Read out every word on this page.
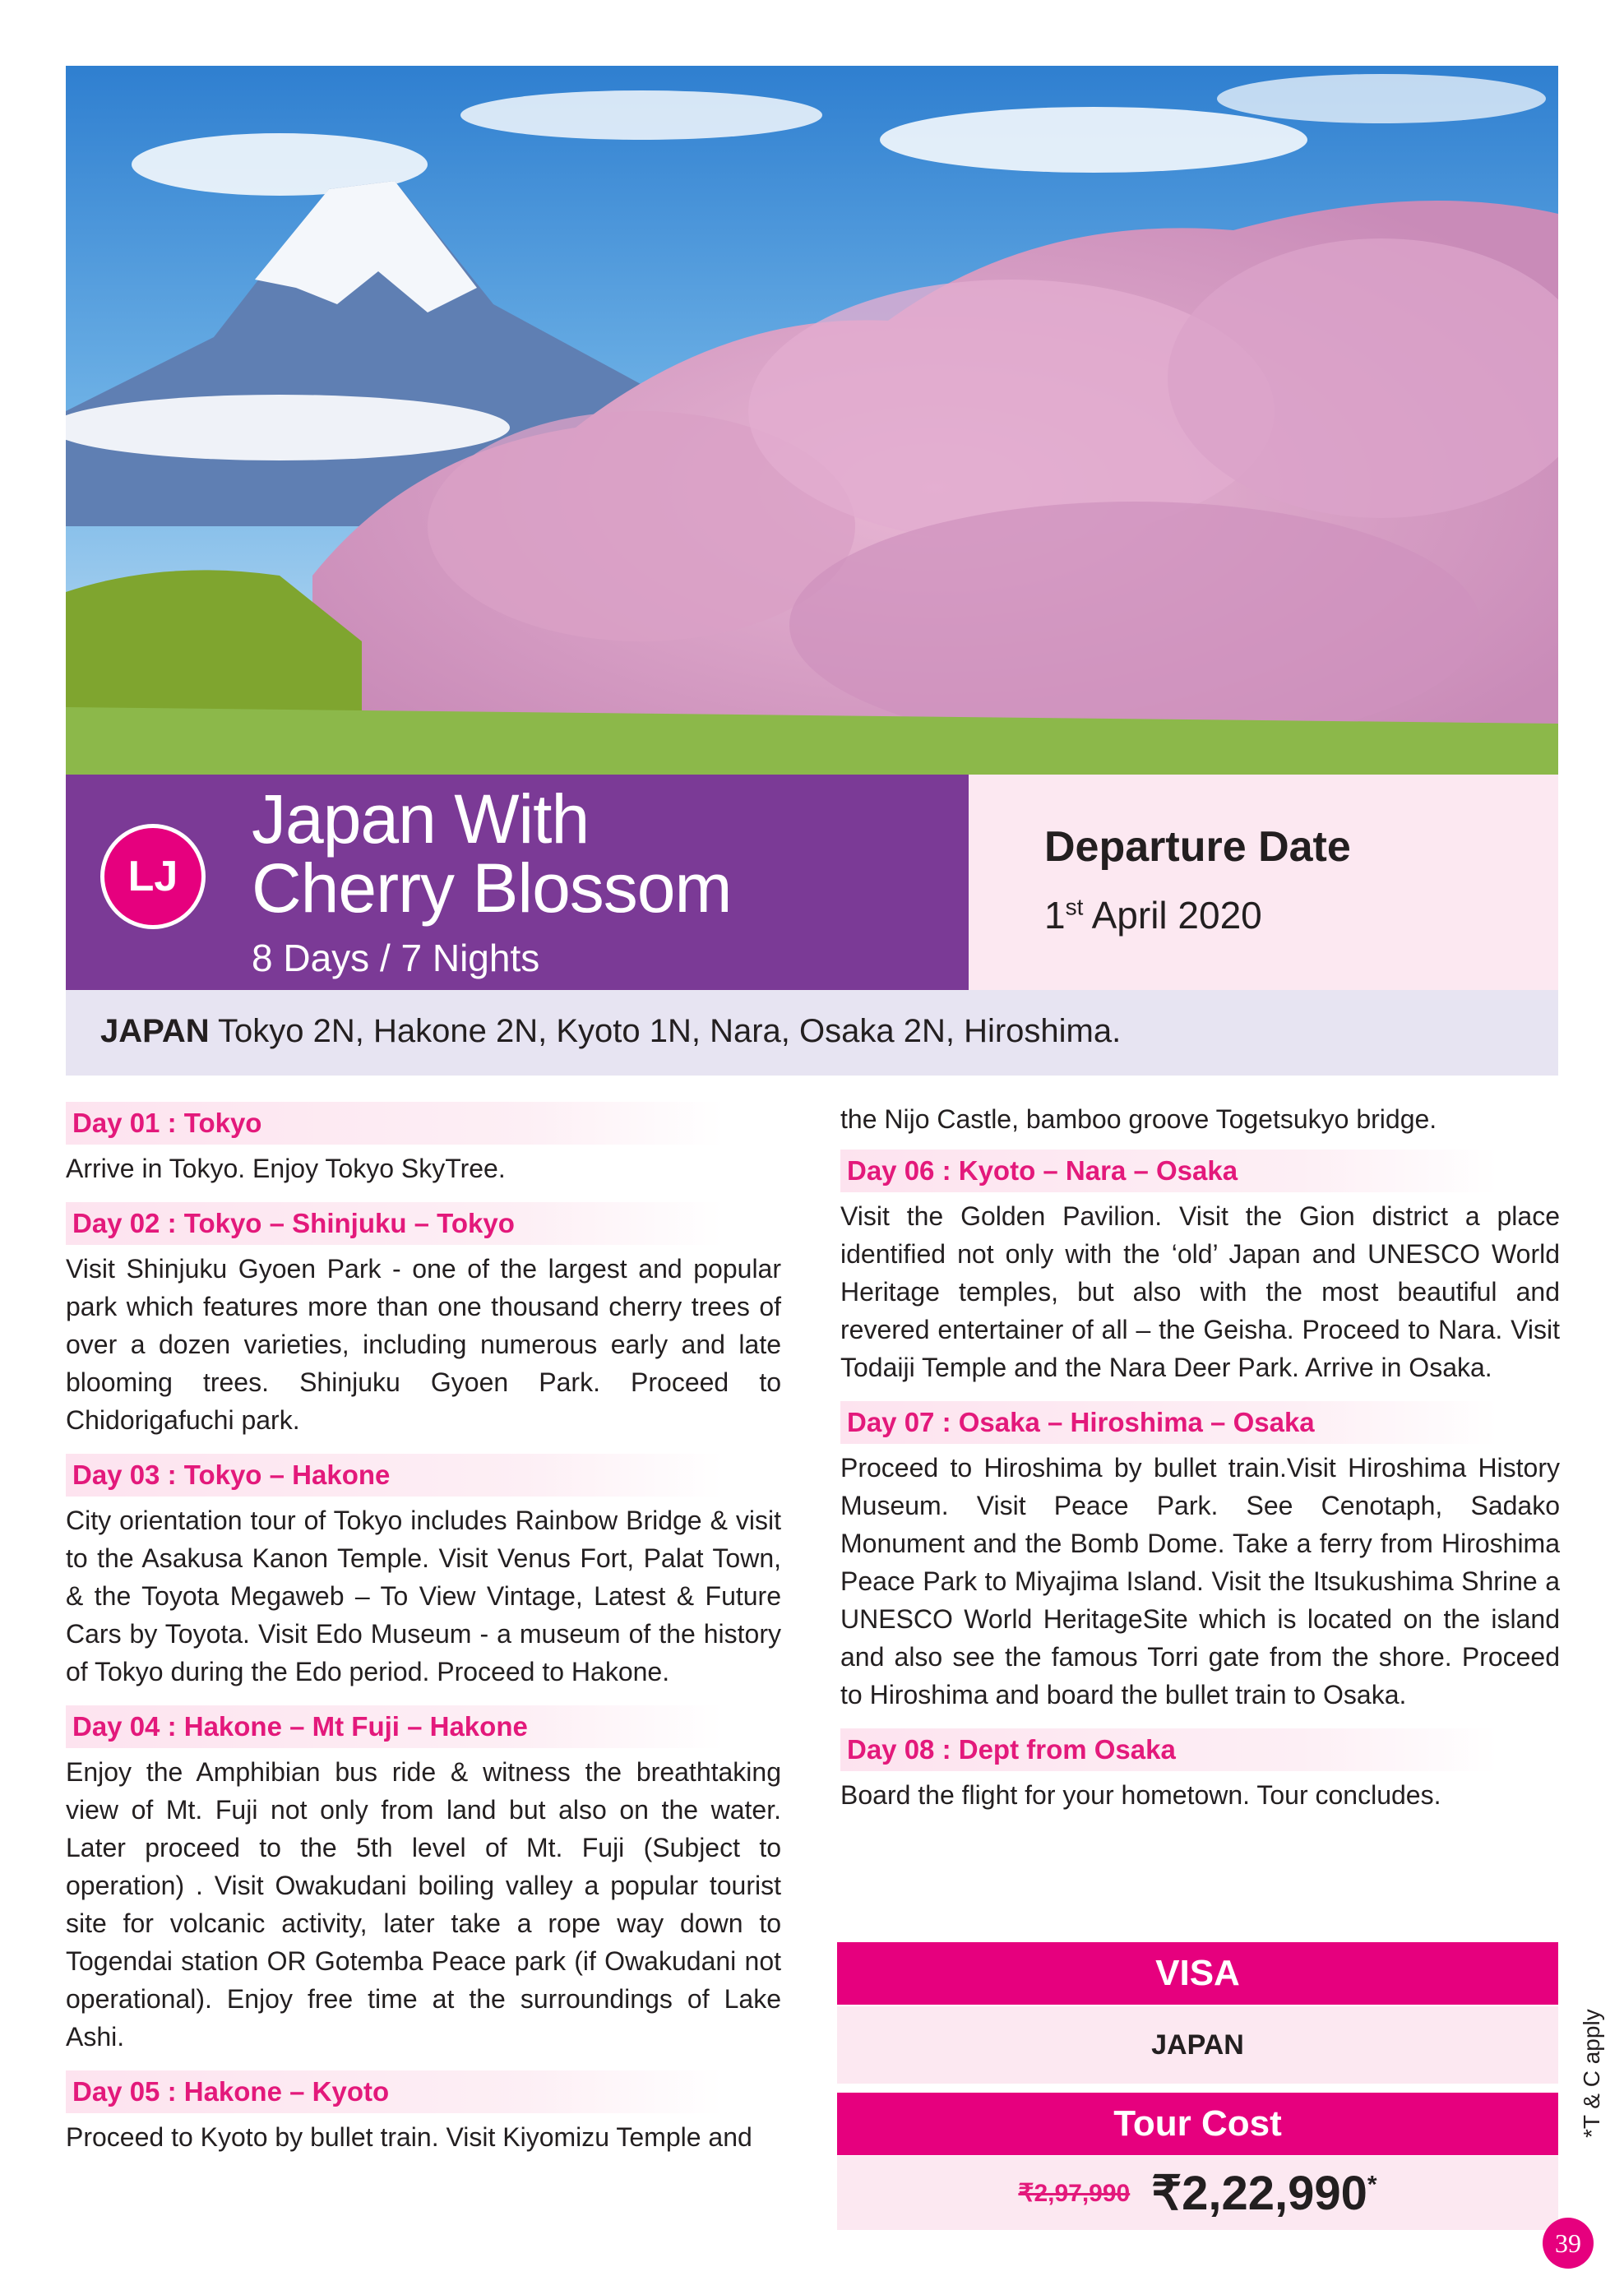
LJ
Japan With
Cherry Blossom
8 Days / 7 Nights
Departure Date
1st April 2020
JAPAN Tokyo 2N, Hakone 2N, Kyoto 1N, Nara, Osaka 2N, Hiroshima.
Day 01 : Tokyo

Arrive in Tokyo. Enjoy Tokyo SkyTree.

Day 02 : Tokyo – Shinjuku – Tokyo

Visit Shinjuku Gyoen Park - one of the largest and popular park which features more than one thousand cherry trees of over a dozen varieties, including numerous early and late blooming trees. Shinjuku Gyoen Park. Proceed to Chidorigafuchi park.

Day 03 : Tokyo – Hakone

City orientation tour of Tokyo includes Rainbow Bridge & visit to the Asakusa Kanon Temple. Visit Venus Fort, Palat Town, & the Toyota Megaweb – To View Vintage, Latest & Future Cars by Toyota. Visit Edo Museum - a museum of the history of Tokyo during the Edo period. Proceed to Hakone.

Day 04 : Hakone – Mt Fuji – Hakone

Enjoy the Amphibian bus ride & witness the breathtaking view of Mt. Fuji not only from land but also on the water. Later proceed to the 5th level of Mt. Fuji (Subject to operation) . Visit Owakudani boiling valley a popular tourist site for volcanic activity, later take a rope way down to Togendai station OR Gotemba Peace park (if Owakudani not operational). Enjoy free time at the surroundings of Lake Ashi.

Day 05 : Hakone – Kyoto

Proceed to Kyoto by bullet train. Visit Kiyomizu Temple and

the Nijo Castle, bamboo groove Togetsukyo bridge.

Day 06 : Kyoto – Nara – Osaka

Visit the Golden Pavilion. Visit the Gion district a place identified not only with the ‘old’ Japan and UNESCO World Heritage temples, but also with the most beautiful and revered entertainer of all – the Geisha. Proceed to Nara. Visit Todaiji Temple and the Nara Deer Park. Arrive in Osaka.

Day 07 : Osaka – Hiroshima – Osaka

Proceed to Hiroshima by bullet train.Visit Hiroshima History Museum. Visit Peace Park. See Cenotaph, Sadako Monument and the Bomb Dome. Take a ferry from Hiroshima Peace Park to Miyajima Island. Visit the Itsukushima Shrine a UNESCO World HeritageSite which is located on the island and also see the famous Torri gate from the shore. Proceed to Hiroshima and board the bullet train to Osaka.

Day 08 : Dept from Osaka

Board the flight for your hometown. Tour concludes.

VISA
JAPAN
Tour Cost
₹2,97,990 ₹2,22,990*
*T & C apply
39
